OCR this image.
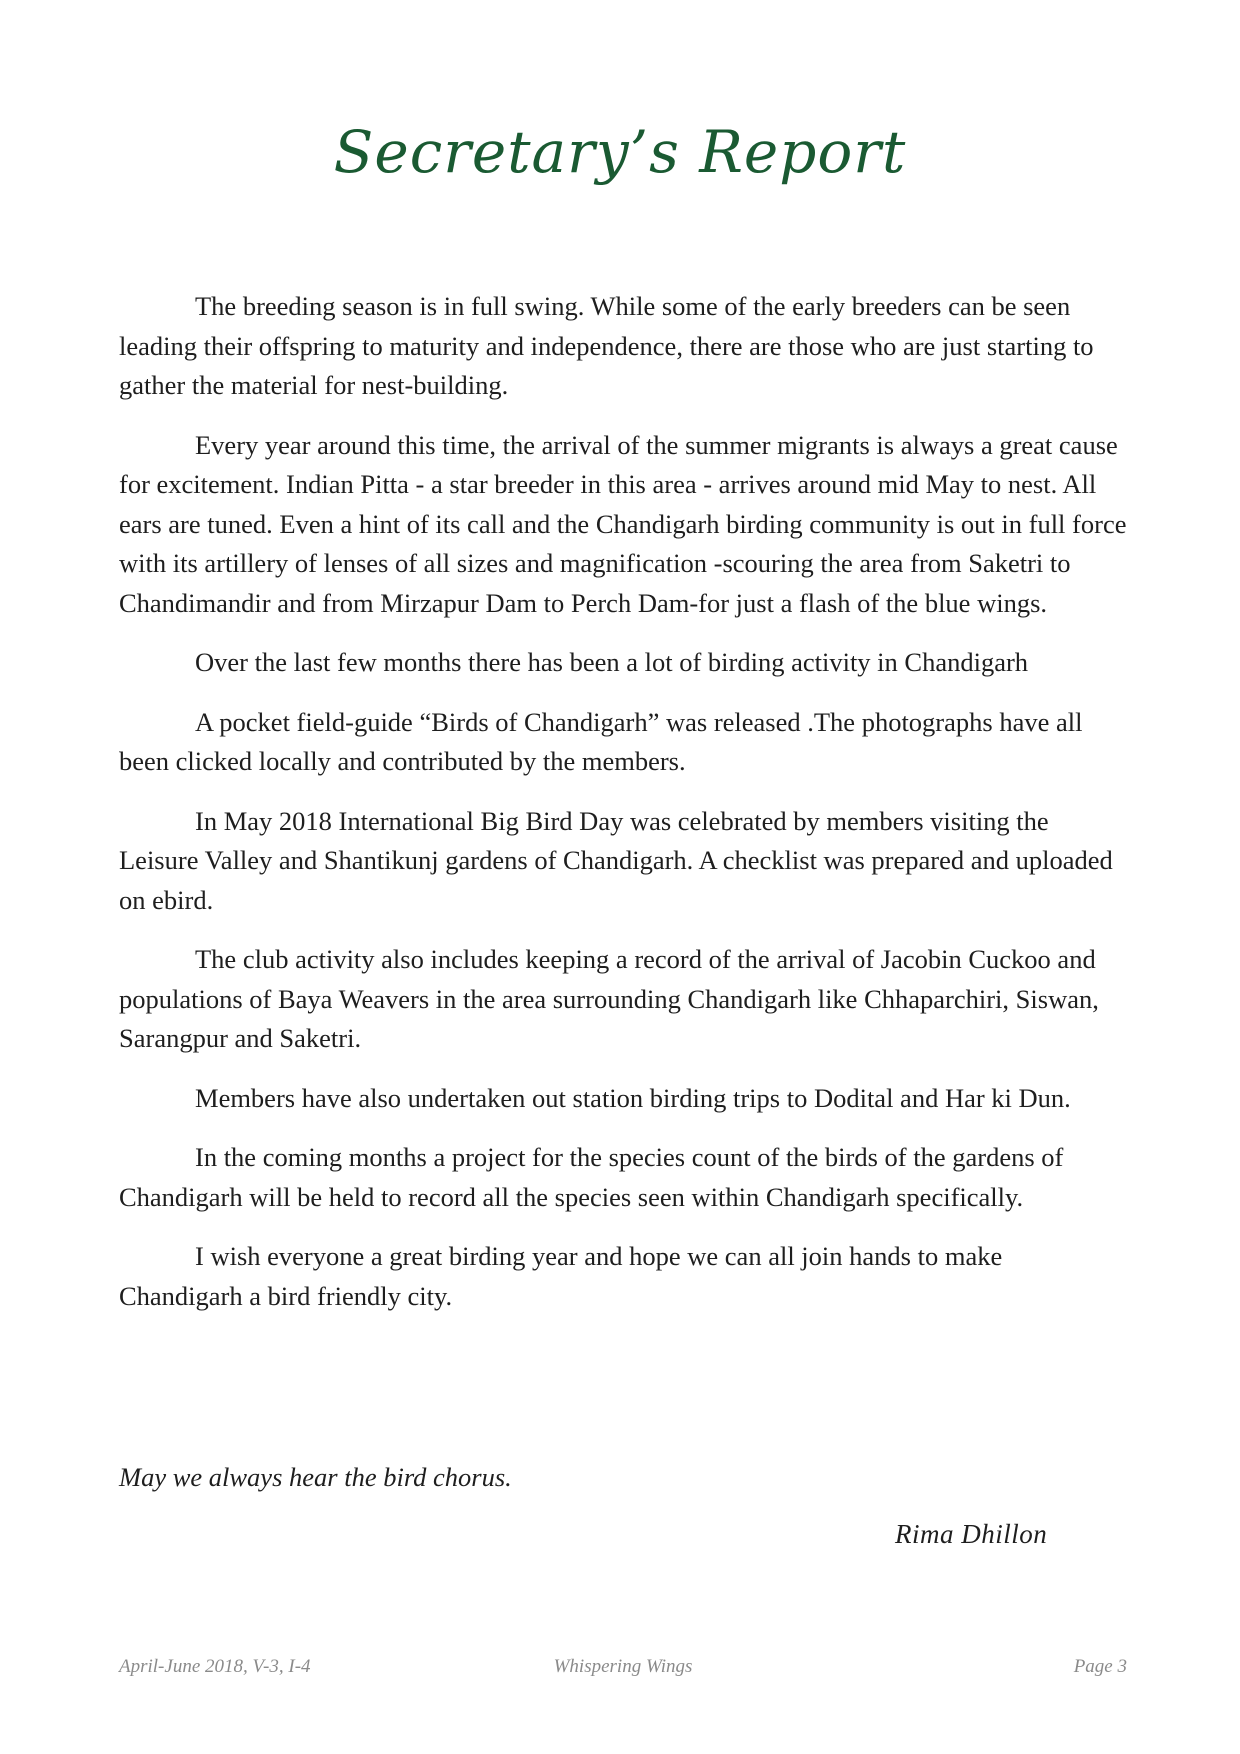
Secretary’s Report

The breeding season is in full swing. While some of the early breeders can be seen leading their offspring to maturity and independence, there are those who are just starting to gather the material for nest-building.

Every year around this time, the arrival of the summer migrants is always a great cause for excitement. Indian Pitta - a star breeder in this area - arrives around mid May to nest. All ears are tuned. Even a hint of its call and the Chandigarh birding community is out in full force with its artillery of lenses of all sizes and magnification -scouring the area from Saketri to Chandimandir and from Mirzapur Dam to Perch Dam-for just a flash of the blue wings.

Over the last few months there has been a lot of birding activity in Chandigarh

A pocket field-guide “Birds of Chandigarh” was released .The photographs have all been clicked locally and contributed by the members.

In May 2018 International Big Bird Day was celebrated by members visiting the Leisure Valley and Shantikunj gardens of Chandigarh. A checklist was prepared and uploaded on ebird.

The club activity also includes keeping a record of the arrival of Jacobin Cuckoo and populations of Baya Weavers in the area surrounding Chandigarh like Chhaparchiri, Siswan, Sarangpur and Saketri.

Members have also undertaken out station birding trips to Dodital and Har ki Dun.

In the coming months a project for the species count of the birds of the gardens of Chandigarh will be held to record all the species seen within Chandigarh specifically.

I wish everyone a great birding year and hope we can all join hands to make Chandigarh a bird friendly city.

May we always hear the bird chorus.

Rima Dhillon

April-June 2018, V-3, I-4	Whispering Wings	Page 3
